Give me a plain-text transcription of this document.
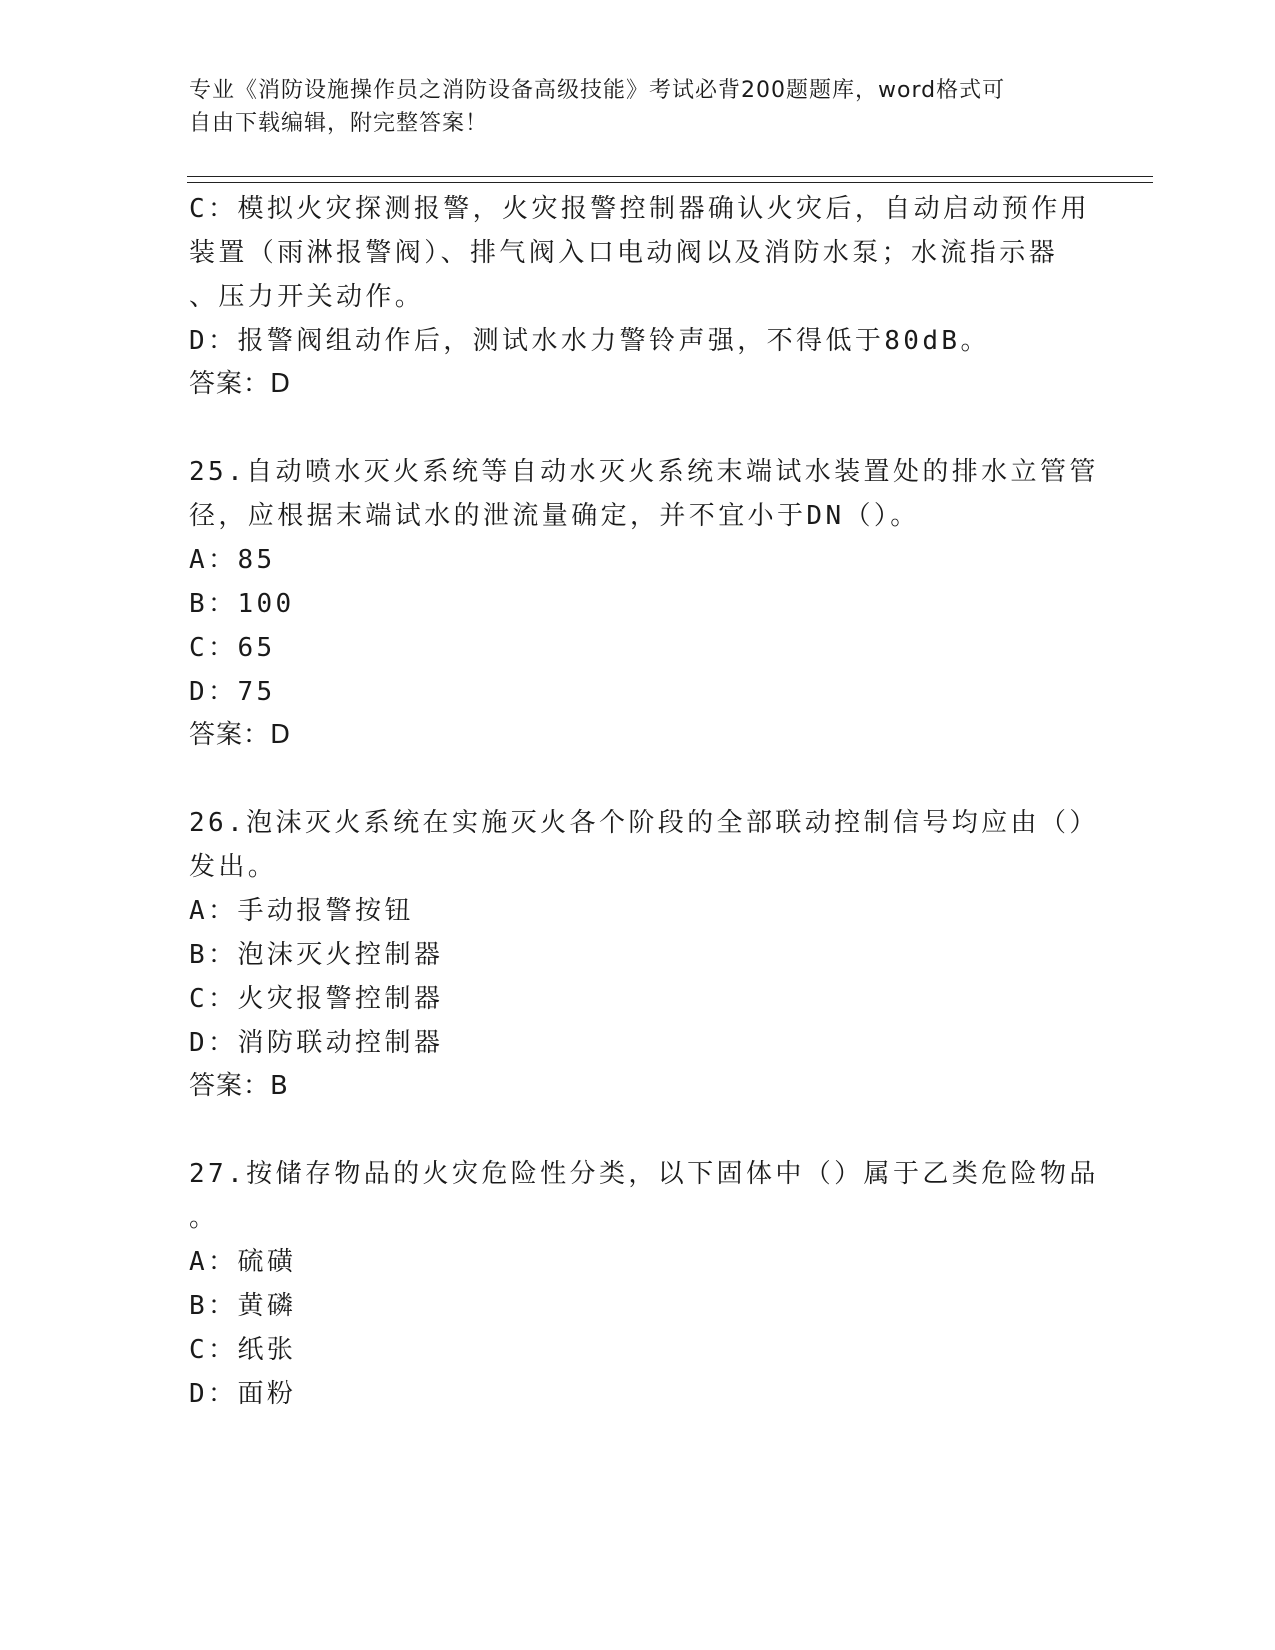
专业《消防设施操作员之消防设备高级技能》考试必背200题题库，word格式可
自由下载编辑，附完整答案！
C：模拟火灾探测报警，火灾报警控制器确认火灾后，自动启动预作用
装置（雨淋报警阀）、排气阀入口电动阀以及消防水泵；水流指示器
、压力开关动作。
D：报警阀组动作后，测试水水力警铃声强，不得低于80dB。
答案：D
25.自动喷水灭火系统等自动水灭火系统末端试水装置处的排水立管管
径，应根据末端试水的泄流量确定，并不宜小于DN（）。
A：85
B：100
C：65
D：75
答案：D
26.泡沫灭火系统在实施灭火各个阶段的全部联动控制信号均应由（）
发出。
A：手动报警按钮
B：泡沫灭火控制器
C：火灾报警控制器
D：消防联动控制器
答案：B
27.按储存物品的火灾危险性分类，以下固体中（）属于乙类危险物品
。
A：硫磺
B：黄磷
C：纸张
D：面粉
